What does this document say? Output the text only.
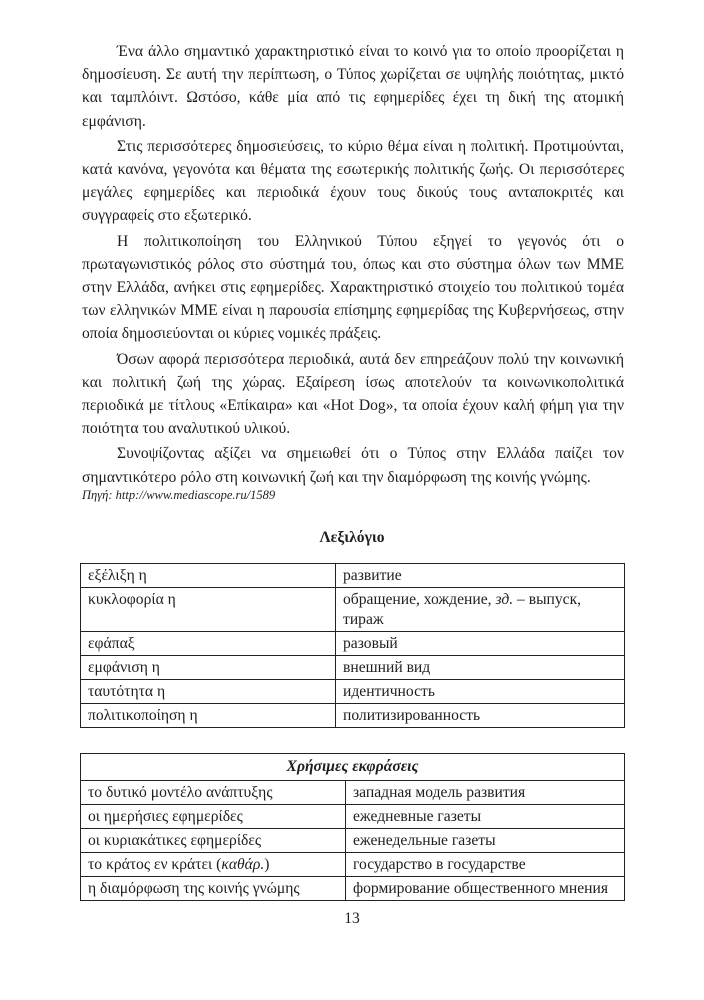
Ένα άλλο σημαντικό χαρακτηριστικό είναι το κοινό για το οποίο προορίζεται η δημοσίευση. Σε αυτή την περίπτωση, ο Τύπος χωρίζεται σε υψηλής ποιότητας, μικτό και ταμπλόιντ. Ωστόσο, κάθε μία από τις εφημερίδες έχει τη δική της ατομική εμφάνιση.

Στις περισσότερες δημοσιεύσεις, το κύριο θέμα είναι η πολιτική. Προτιμούνται, κατά κανόνα, γεγονότα και θέματα της εσωτερικής πολιτικής ζωής. Οι περισσότερες μεγάλες εφημερίδες και περιοδικά έχουν τους δικούς τους ανταποκριτές και συγγραφείς στο εξωτερικό.

Η πολιτικοποίηση του Ελληνικού Τύπου εξηγεί το γεγονός ότι ο πρωταγωνιστικός ρόλος στο σύστημά του, όπως και στο σύστημα όλων των ΜΜΕ στην Ελλάδα, ανήκει στις εφημερίδες. Χαρακτηριστικό στοιχείο του πολιτικού τομέα των ελληνικών ΜΜΕ είναι η παρουσία επίσημης εφημερίδας της Κυβερνήσεως, στην οποία δημοσιεύονται οι κύριες νομικές πράξεις.

Όσων αφορά περισσότερα περιοδικά, αυτά δεν επηρεάζουν πολύ την κοινωνική και πολιτική ζωή της χώρας. Εξαίρεση ίσως αποτελούν τα κοινωνικοπολιτικά περιοδικά με τίτλους «Επίκαιρα» και «Hot Dog», τα οποία έχουν καλή φήμη για την ποιότητα του αναλυτικού υλικού.

Συνοψίζοντας αξίζει να σημειωθεί ότι ο Τύπος στην Ελλάδα παίζει τον σημαντικότερο ρόλο στη κοινωνική ζωή και την διαμόρφωση της κοινής γνώμης.

Πηγή: http://www.mediascope.ru/1589
Λεξιλόγιο
εξέλιξη η	развитие
κυκλοφορία η	обращение, хождение, зд. – выпуск, тираж
εφάπαξ	разовый
εμφάνιση η	внешний вид
ταυτότητα η	идентичность
πολιτικοποίηση η	политизированность
Χρήσιμες εκφράσεις	
το δυτικό μοντέλο ανάπτυξης	западная модель развития
οι ημερήσιες εφημερίδες	ежедневные газеты
οι κυριακάτικες εφημερίδες	еженедельные газеты
το κράτος εν κράτει (καθάρ.)	государство в государстве
η διαμόρφωση της κοινής γνώμης	формирование общественного мнения
13
